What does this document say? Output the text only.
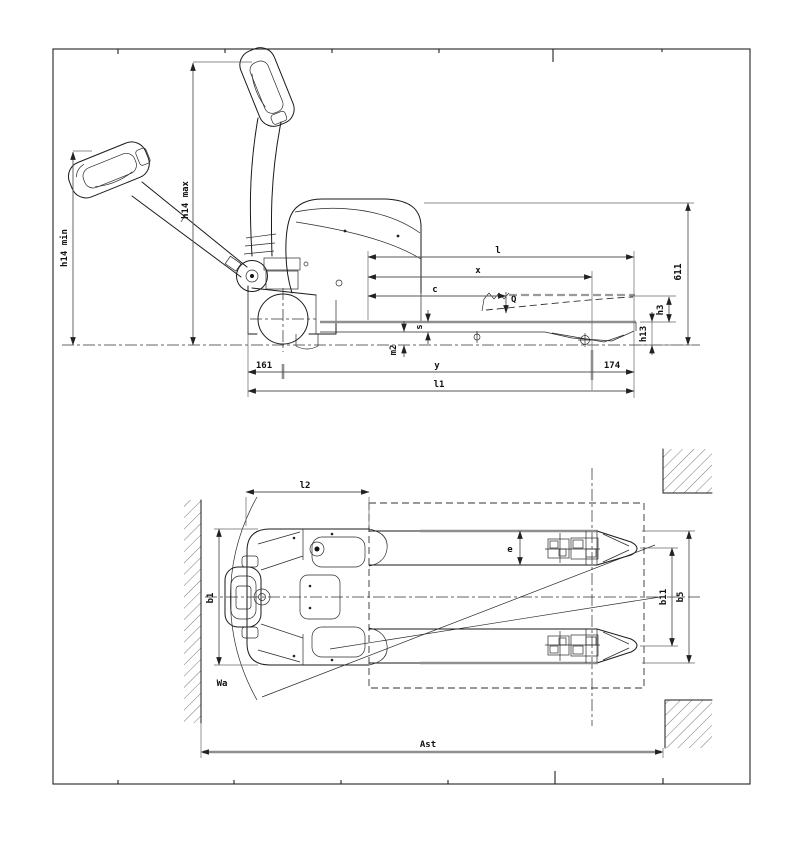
l
x
c
Q
h14 min
h14 max
611
h3
h13
s
m2
161	y	174
l1
Wa
l2
b1
e
b11 b5
Ast
